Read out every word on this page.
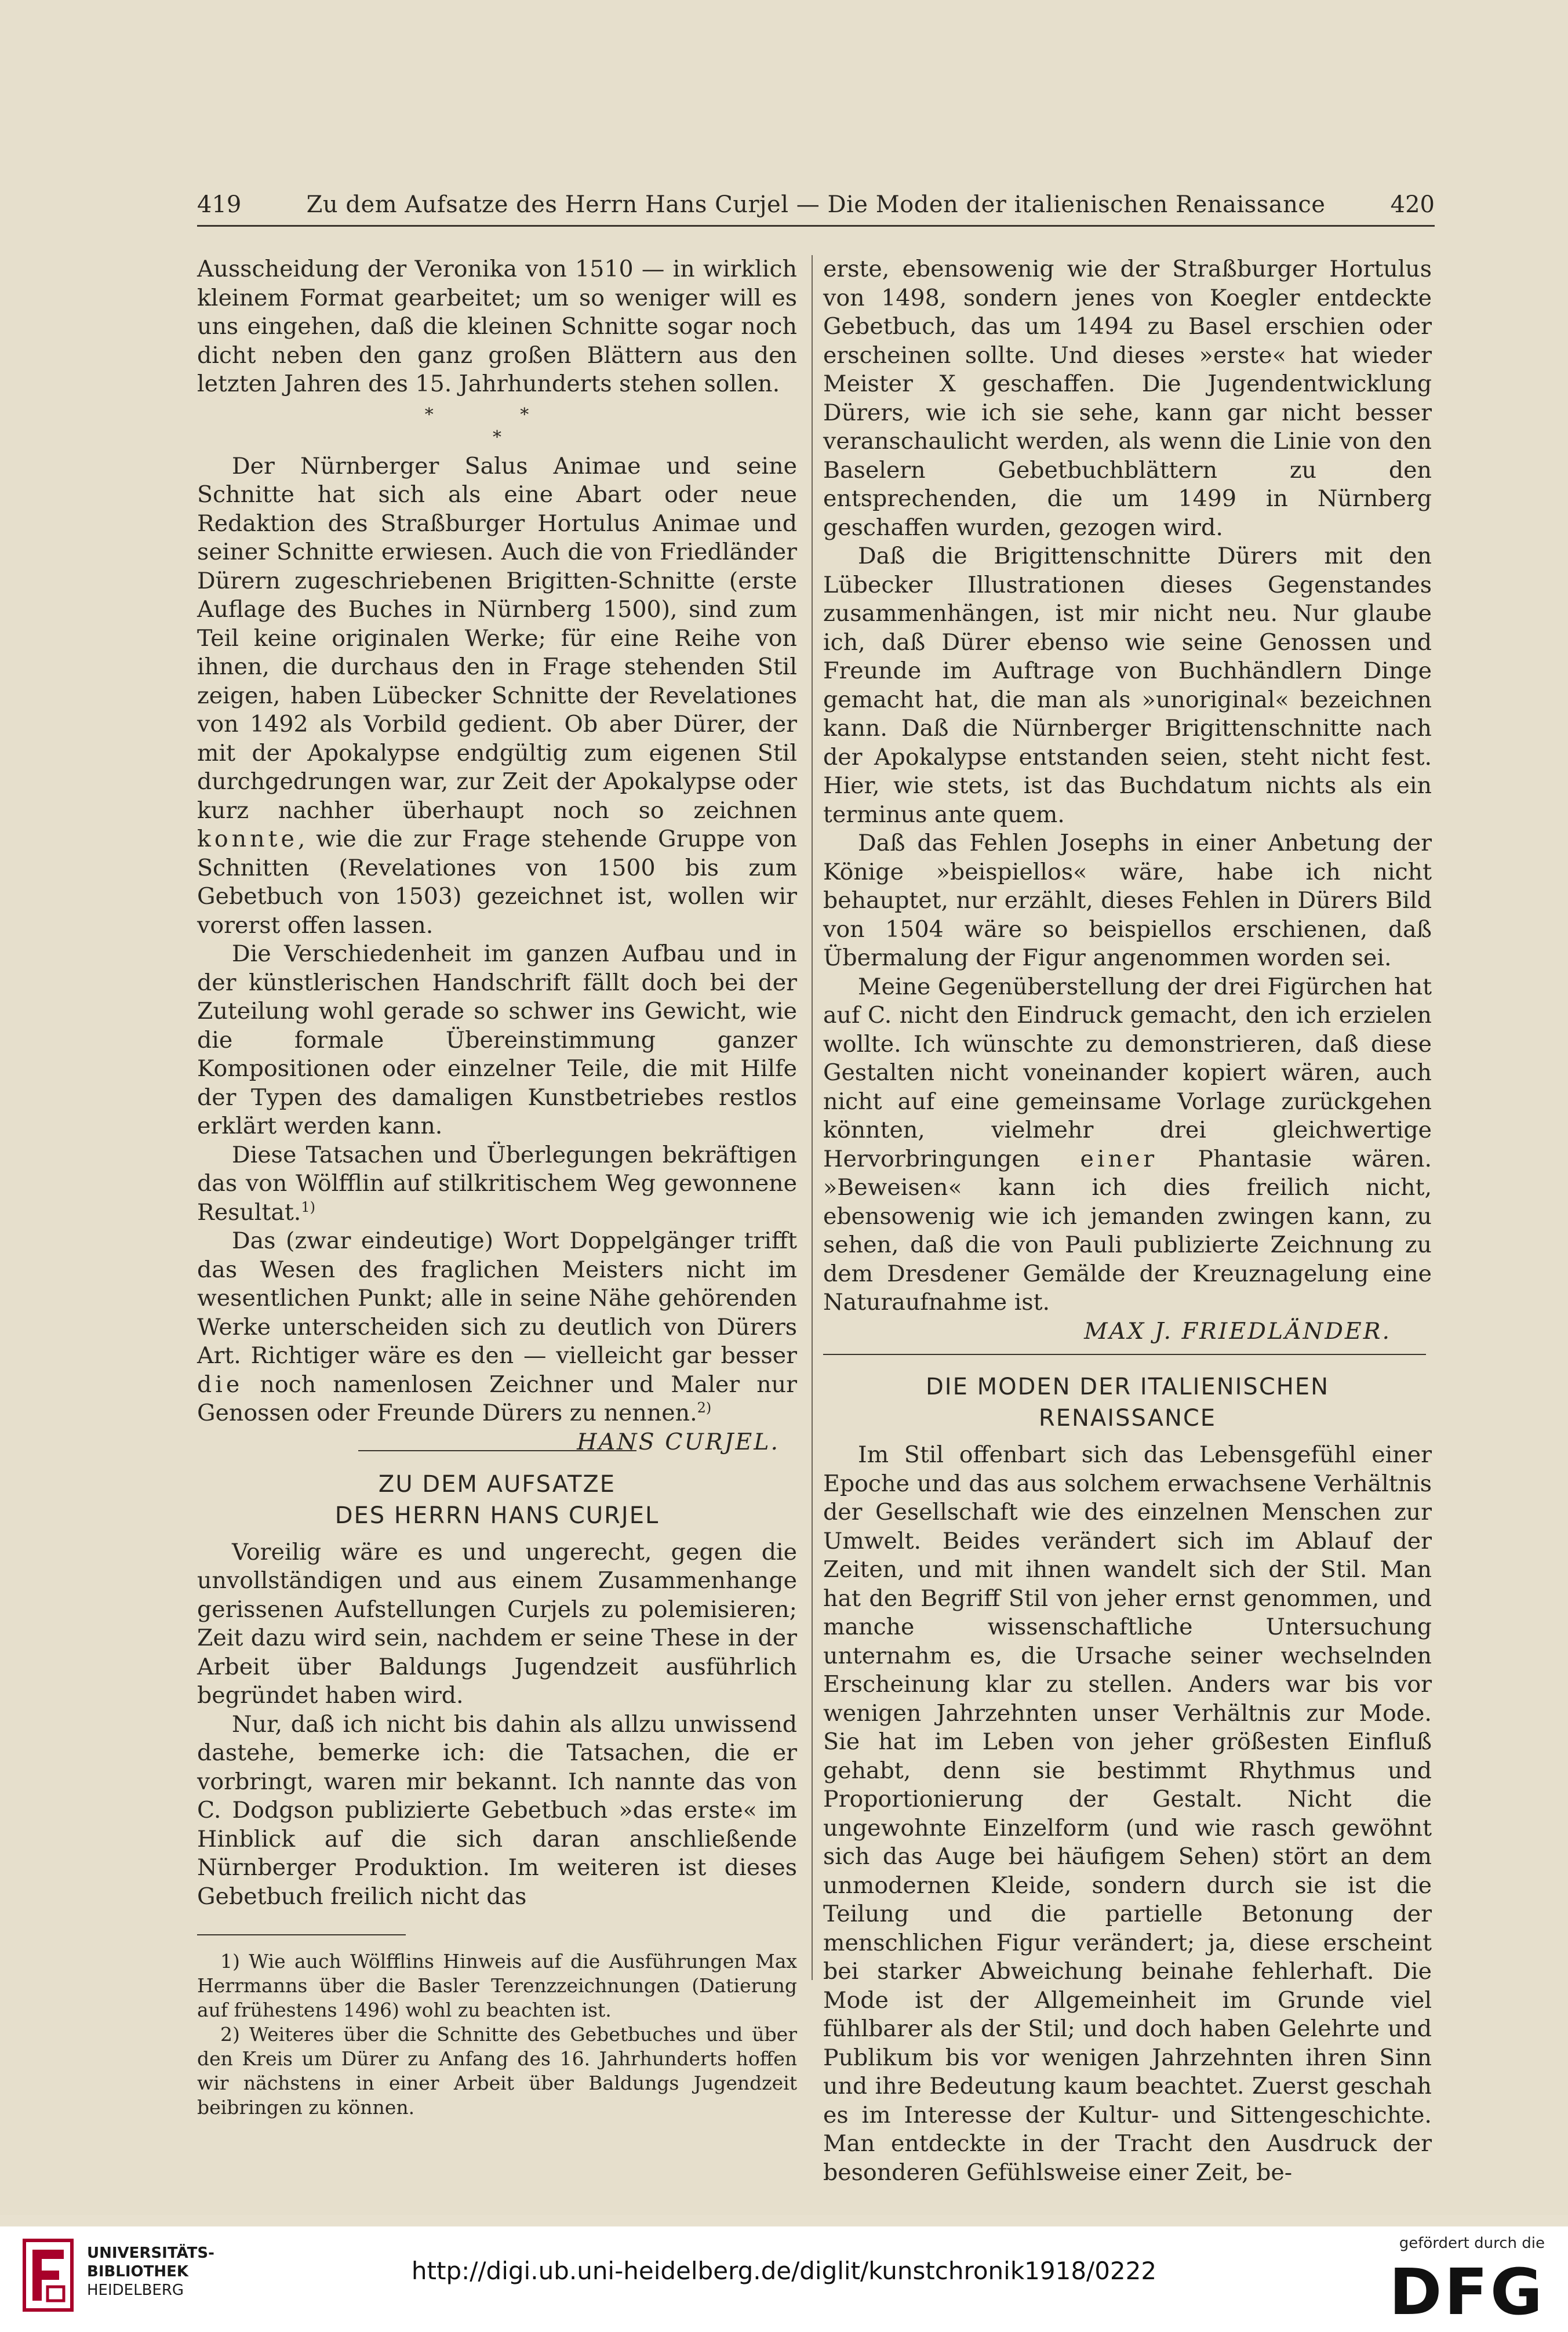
419	Zu dem Aufsatze des Herrn Hans Curjel — Die Moden der italienischen Renaissance	420

Ausscheidung der Veronika von 1510 — in wirklich kleinem Format gearbeitet; um so weniger will es uns eingehen, daß die kleinen Schnitte sogar noch dicht neben den ganz großen Blättern aus den letzten Jahren des 15. Jahrhunderts stehen sollen.

* *
*

Der Nürnberger Salus Animae und seine Schnitte hat sich als eine Abart oder neue Redaktion des Straßburger Hortulus Animae und seiner Schnitte erwiesen. Auch die von Friedländer Dürern zugeschriebenen Brigitten-Schnitte (erste Auflage des Buches in Nürnberg 1500), sind zum Teil keine originalen Werke; für eine Reihe von ihnen, die durchaus den in Frage stehenden Stil zeigen, haben Lübecker Schnitte der Revelationes von 1492 als Vorbild gedient. Ob aber Dürer, der mit der Apokalypse endgültig zum eigenen Stil durchgedrungen war, zur Zeit der Apokalypse oder kurz nachher überhaupt noch so zeichnen konnte, wie die zur Frage stehende Gruppe von Schnitten (Revelationes von 1500 bis zum Gebetbuch von 1503) gezeichnet ist, wollen wir vorerst offen lassen.

Die Verschiedenheit im ganzen Aufbau und in der künstlerischen Handschrift fällt doch bei der Zuteilung wohl gerade so schwer ins Gewicht, wie die formale Übereinstimmung ganzer Kompositionen oder einzelner Teile, die mit Hilfe der Typen des damaligen Kunstbetriebes restlos erklärt werden kann.

Diese Tatsachen und Überlegungen bekräftigen das von Wölfflin auf stilkritischem Weg gewonnene Resultat.$^{1)}$

Das (zwar eindeutige) Wort Doppelgänger trifft das Wesen des fraglichen Meisters nicht im wesentlichen Punkt; alle in seine Nähe gehörenden Werke unterscheiden sich zu deutlich von Dürers Art. Richtiger wäre es den — vielleicht gar besser die noch namenlosen Zeichner und Maler nur Genossen oder Freunde Dürers zu nennen.$^{2)}$
HANS CURJEL.

ZU DEM AUFSATZE
DES HERRN HANS CURJEL

Voreilig wäre es und ungerecht, gegen die unvollständigen und aus einem Zusammenhange gerissenen Aufstellungen Curjels zu polemisieren; Zeit dazu wird sein, nachdem er seine These in der Arbeit über Baldungs Jugendzeit ausführlich begründet haben wird.

Nur, daß ich nicht bis dahin als allzu unwissend dastehe, bemerke ich: die Tatsachen, die er vorbringt, waren mir bekannt. Ich nannte das von C. Dodgson publizierte Gebetbuch »das erste« im Hinblick auf die sich daran anschließende Nürnberger Produktion. Im weiteren ist dieses Gebetbuch freilich nicht das

1) Wie auch Wölfflins Hinweis auf die Ausführungen Max Herrmanns über die Basler Terenzzeichnungen (Datierung auf frühestens 1496) wohl zu beachten ist.

2) Weiteres über die Schnitte des Gebetbuches und über den Kreis um Dürer zu Anfang des 16. Jahrhunderts hoffen wir nächstens in einer Arbeit über Baldungs Jugendzeit beibringen zu können.

erste, ebensowenig wie der Straßburger Hortulus von 1498, sondern jenes von Koegler entdeckte Gebetbuch, das um 1494 zu Basel erschien oder erscheinen sollte. Und dieses »erste« hat wieder Meister X geschaffen. Die Jugendentwicklung Dürers, wie ich sie sehe, kann gar nicht besser veranschaulicht werden, als wenn die Linie von den Baselern Gebetbuchblättern zu den entsprechenden, die um 1499 in Nürnberg geschaffen wurden, gezogen wird.

Daß die Brigittenschnitte Dürers mit den Lübecker Illustrationen dieses Gegenstandes zusammenhängen, ist mir nicht neu. Nur glaube ich, daß Dürer ebenso wie seine Genossen und Freunde im Auftrage von Buchhändlern Dinge gemacht hat, die man als »unoriginal« bezeichnen kann. Daß die Nürnberger Brigittenschnitte nach der Apokalypse entstanden seien, steht nicht fest. Hier, wie stets, ist das Buchdatum nichts als ein terminus ante quem.

Daß das Fehlen Josephs in einer Anbetung der Könige »beispiellos« wäre, habe ich nicht behauptet, nur erzählt, dieses Fehlen in Dürers Bild von 1504 wäre so beispiellos erschienen, daß Übermalung der Figur angenommen worden sei.

Meine Gegenüberstellung der drei Figürchen hat auf C. nicht den Eindruck gemacht, den ich erzielen wollte. Ich wünschte zu demonstrieren, daß diese Gestalten nicht voneinander kopiert wären, auch nicht auf eine gemeinsame Vorlage zurückgehen könnten, vielmehr drei gleichwertige Hervorbringungen einer Phantasie wären. »Beweisen« kann ich dies freilich nicht, ebensowenig wie ich jemanden zwingen kann, zu sehen, daß die von Pauli publizierte Zeichnung zu dem Dresdener Gemälde der Kreuznagelung eine Naturaufnahme ist.

MAX J. FRIEDLÄNDER.
DIE MODEN DER ITALIENISCHEN
RENAISSANCE

Im Stil offenbart sich das Lebensgefühl einer Epoche und das aus solchem erwachsene Verhältnis der Gesellschaft wie des einzelnen Menschen zur Umwelt. Beides verändert sich im Ablauf der Zeiten, und mit ihnen wandelt sich der Stil. Man hat den Begriff Stil von jeher ernst genommen, und manche wissenschaftliche Untersuchung unternahm es, die Ursache seiner wechselnden Erscheinung klar zu stellen. Anders war bis vor wenigen Jahrzehnten unser Verhältnis zur Mode. Sie hat im Leben von jeher größesten Einfluß gehabt, denn sie bestimmt Rhythmus und Proportionierung der Gestalt. Nicht die ungewohnte Einzelform (und wie rasch gewöhnt sich das Auge bei häufigem Sehen) stört an dem unmodernen Kleide, sondern durch sie ist die Teilung und die partielle Betonung der menschlichen Figur verändert; ja, diese erscheint bei starker Abweichung beinahe fehlerhaft. Die Mode ist der Allgemeinheit im Grunde viel fühlbarer als der Stil; und doch haben Gelehrte und Publikum bis vor wenigen Jahrzehnten ihren Sinn und ihre Bedeutung kaum beachtet. Zuerst geschah es im Interesse der Kultur- und Sittengeschichte. Man entdeckte in der Tracht den Ausdruck der besonderen Gefühlsweise einer Zeit, be-

UNIVERSITÄTS-
BIBLIOTHEK
HEIDELBERG
http://digi.ub.uni-heidelberg.de/diglit/kunstchronik1918/0222
gefördert durch die
DFG
